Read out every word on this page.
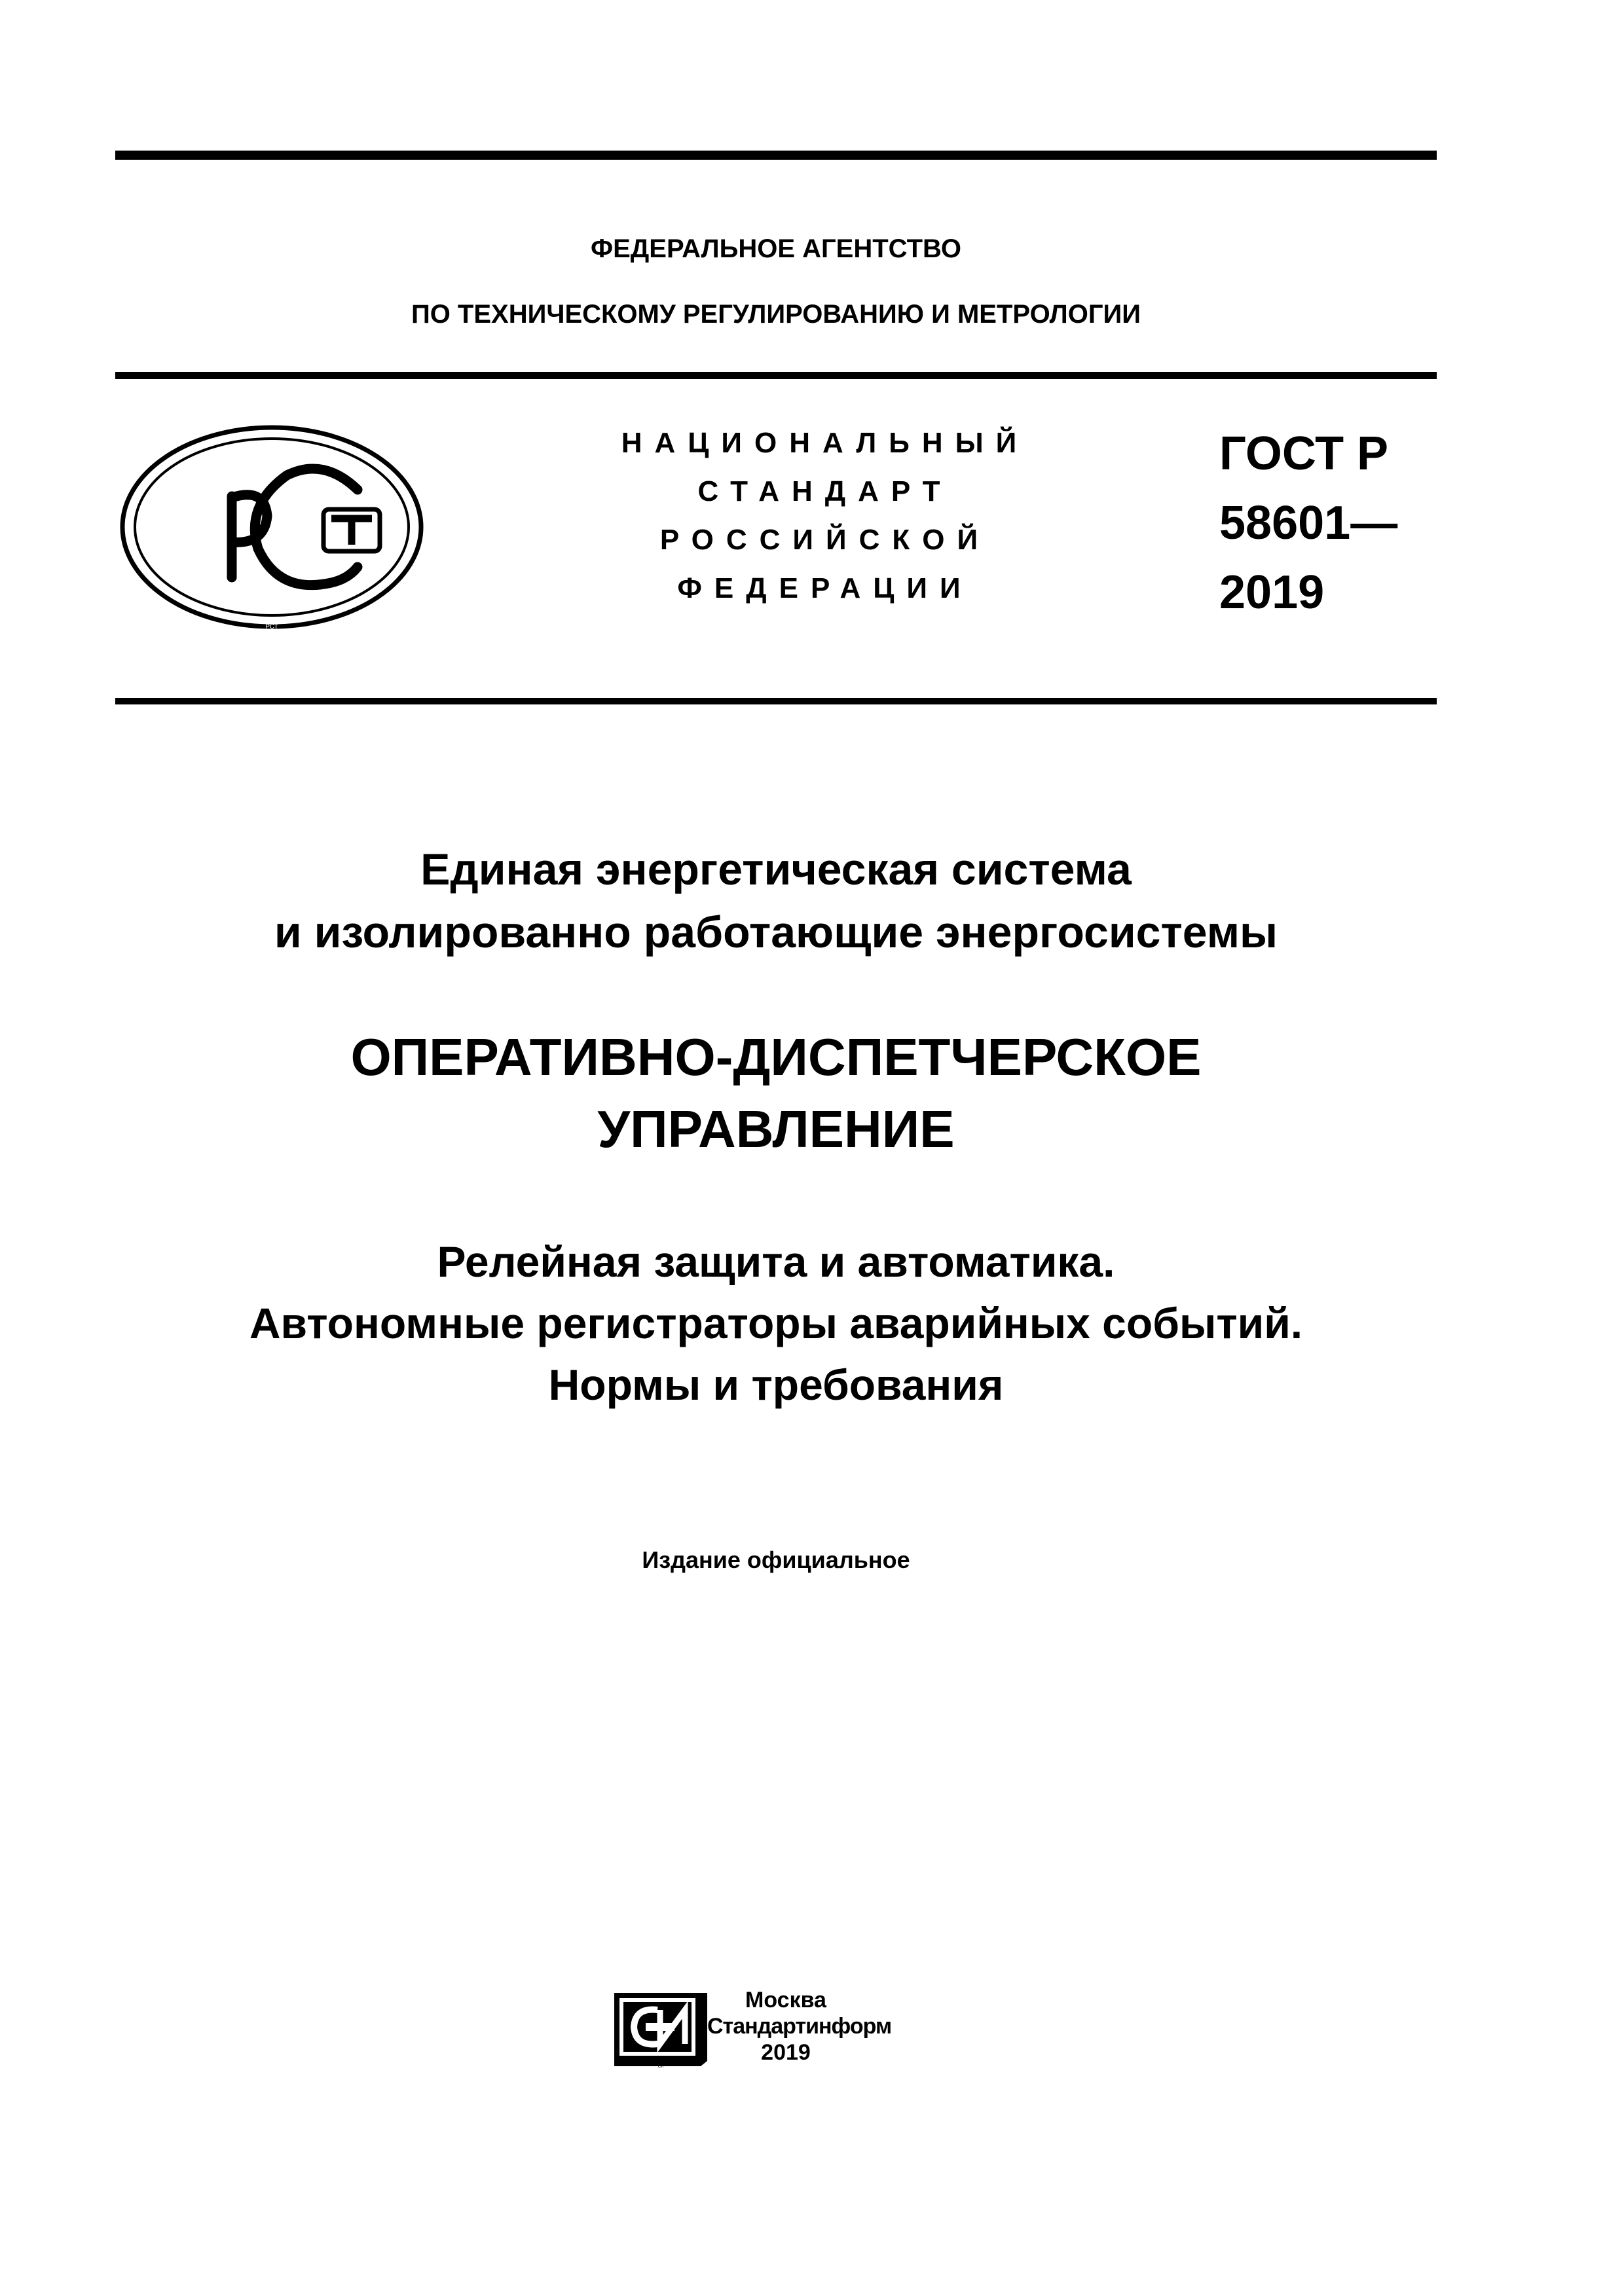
ФЕДЕРАЛЬНОЕ АГЕНТСТВО
ПО ТЕХНИЧЕСКОМУ РЕГУЛИРОВАНИЮ И МЕТРОЛОГИИ
РСТ
НАЦИОНАЛЬНЫЙ
СТАНДАРТ
РОССИЙСКОЙ
ФЕДЕРАЦИИ
ГОСТ Р
58601—
2019
Единая энергетическая система
и изолированно работающие энергосистемы
ОПЕРАТИВНО-ДИСПЕТЧЕРСКОЕ
УПРАВЛЕНИЕ
Релейная защита и автоматика.
Автономные регистраторы аварийных событий.
Нормы и требования
Издание официальное
СИ
Москва
Стандартинформ
2019
